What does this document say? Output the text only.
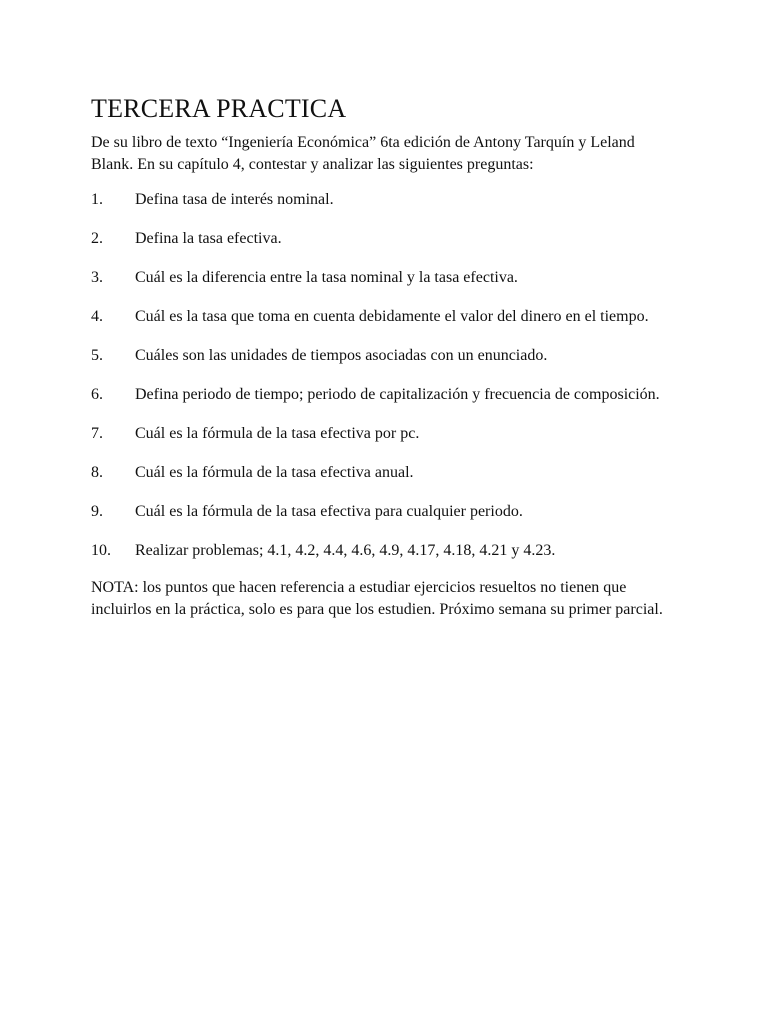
TERCERA PRACTICA

De su libro de texto “Ingeniería Económica” 6ta edición de Antony Tarquín y Leland Blank. En su capítulo 4, contestar y analizar las siguientes preguntas:

1.	Defina tasa de interés nominal.
2.	Defina la tasa efectiva.
3.	Cuál es la diferencia entre la tasa nominal y la tasa efectiva.
4.	Cuál es la tasa que toma en cuenta debidamente el valor del dinero en el tiempo.
5.	Cuáles son las unidades de tiempos asociadas con un enunciado.
6.	Defina periodo de tiempo; periodo de capitalización y frecuencia de composición.
7.	Cuál es la fórmula de la tasa efectiva por pc.
8.	Cuál es la fórmula de la tasa efectiva anual.
9.	Cuál es la fórmula de la tasa efectiva para cualquier periodo.
10.	Realizar problemas; 4.1, 4.2, 4.4, 4.6, 4.9, 4.17, 4.18, 4.21 y 4.23.

NOTA: los puntos que hacen referencia a estudiar ejercicios resueltos no tienen que incluirlos en la práctica, solo es para que los estudien. Próximo semana su primer parcial.
